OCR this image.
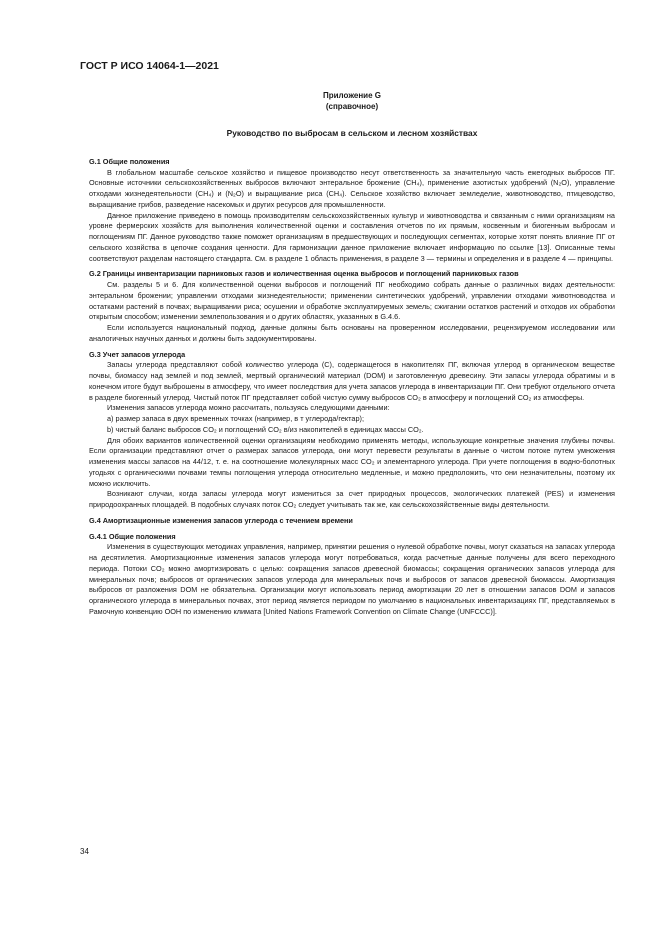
ГОСТ Р ИСО 14064-1—2021
Приложение G
(справочное)
Руководство по выбросам в сельском и лесном хозяйствах
G.1 Общие положения
В глобальном масштабе сельское хозяйство и пищевое производство несут ответственность за значительную часть ежегодных выбросов ПГ. Основные источники сельскохозяйственных выбросов включают энтеральное брожение (CH₄), применение азотистых удобрений (N₂O), управление отходами жизнедеятельности (CH₄) и (N₂O) и выращивание риса (CH₄). Сельское хозяйство включает земледелие, животноводство, птицеводство, выращивание грибов, разведение насекомых и других ресурсов для промышленности.
Данное приложение приведено в помощь производителям сельскохозяйственных культур и животноводства и связанным с ними организациям на уровне фермерских хозяйств для выполнения количественной оценки и составления отчетов по их прямым, косвенным и биогенным выбросам и поглощениям ПГ. Данное руководство также поможет организациям в предшествующих и последующих сегментах, которые хотят понять влияние ПГ от сельского хозяйства в цепочке создания ценности. Для гармонизации данное приложение включает информацию по ссылке [13]. Описанные темы соответствуют разделам настоящего стандарта. См. в разделе 1 область применения, в разделе 3 — термины и определения и в разделе 4 — принципы.
G.2 Границы инвентаризации парниковых газов и количественная оценка выбросов и поглощений парниковых газов
См. разделы 5 и 6. Для количественной оценки выбросов и поглощений ПГ необходимо собрать данные о различных видах деятельности: энтеральном брожении; управлении отходами жизнедеятельности; применении синтетических удобрений, управлении отходами животноводства и остатками растений в почвах; выращивании риса; осушении и обработке эксплуатируемых земель; сжигании остатков растений и отходов их обработки открытым способом; изменении землепользования и о других областях, указанных в G.4.6.
Если используется национальный подход, данные должны быть основаны на проверенном исследовании, рецензируемом исследовании или аналогичных научных данных и должны быть задокументированы.
G.3 Учет запасов углерода
Запасы углерода представляют собой количество углерода (C), содержащегося в накопителях ПГ, включая углерод в органическом веществе почвы, биомассу над землей и под землей, мертвый органический материал (DOM) и заготовленную древесину. Эти запасы углерода обратимы и в конечном итоге будут выброшены в атмосферу, что имеет последствия для учета запасов углерода в инвентаризации ПГ. Они требуют отдельного отчета в разделе биогенный углерод. Чистый поток ПГ представляет собой чистую сумму выбросов CO₂ в атмосферу и поглощений CO₂ из атмосферы.
Изменения запасов углерода можно рассчитать, пользуясь следующими данными:
а) размер запаса в двух временных точках (например, в т углерода/гектар);
b) чистый баланс выбросов CO₂ и поглощений CO₂ в/из накопителей в единицах массы CO₂.
Для обоих вариантов количественной оценки организациям необходимо применять методы, использующие конкретные значения глубины почвы. Если организации представляют отчет о размерах запасов углерода, они могут перевести результаты в данные о чистом потоке путем умножения изменения массы запасов на 44/12, т. е. на соотношение молекулярных масс CO₂ и элементарного углерода. При учете поглощения в водно-болотных угодьях с органическими почвами темпы поглощения углерода относительно медленные, и можно предположить, что они незначительны, поэтому их можно исключить.
Возникают случаи, когда запасы углерода могут измениться за счет природных процессов, экологических платежей (PES) и изменения природоохранных площадей. В подобных случаях поток CO₂ следует учитывать так же, как сельскохозяйственные виды деятельности.
G.4 Амортизационные изменения запасов углерода с течением времени
G.4.1 Общие положения
Изменения в существующих методиках управления, например, принятии решения о нулевой обработке почвы, могут сказаться на запасах углерода на десятилетия. Амортизационные изменения запасов углерода могут потребоваться, когда расчетные данные получены для всего переходного периода. Потоки CO₂ можно амортизировать с целью: сокращения запасов древесной биомассы; сокращения органических запасов углерода для минеральных почв; выбросов от органических запасов углерода для минеральных почв и выбросов от запасов древесной биомассы. Амортизация выбросов от разложения DOM не обязательна. Организации могут использовать период амортизации 20 лет в отношении запасов DOM и запасов органического углерода в минеральных почвах, этот период является периодом по умолчанию в национальных инвентаризациях ПГ, представляемых в Рамочную конвенцию ООН по изменению климата [United Nations Framework Convention on Climate Change (UNFCCC)].
34
